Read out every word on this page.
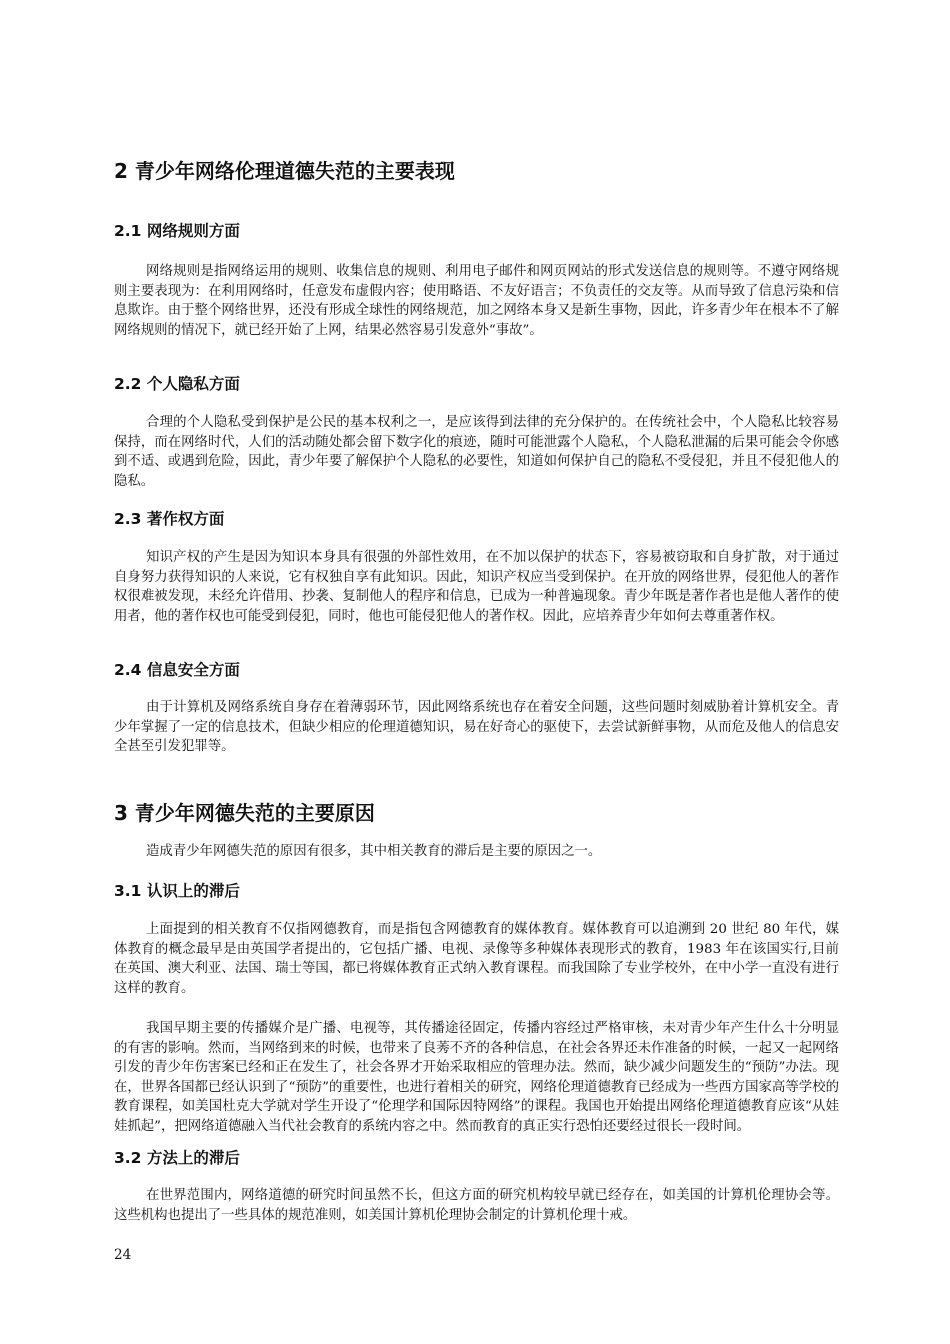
2 青少年网络伦理道德失范的主要表现
2.1 网络规则方面

网络规则是指网络运用的规则、收集信息的规则、利用电子邮件和网页网站的形式发送信息的规则等。不遵守网络规则主要表现为：在利用网络时，任意发布虚假内容；使用略语、不友好语言；不负责任的交友等。从而导致了信息污染和信息欺诈。由于整个网络世界，还没有形成全球性的网络规范，加之网络本身又是新生事物，因此，许多青少年在根本不了解网络规则的情况下，就已经开始了上网，结果必然容易引发意外“事故”。

2.2 个人隐私方面

合理的个人隐私受到保护是公民的基本权利之一，是应该得到法律的充分保护的。在传统社会中，个人隐私比较容易保持，而在网络时代，人们的活动随处都会留下数字化的痕迹，随时可能泄露个人隐私，个人隐私泄漏的后果可能会令你感到不适、或遇到危险，因此，青少年要了解保护个人隐私的必要性，知道如何保护自己的隐私不受侵犯，并且不侵犯他人的隐私。

2.3 著作权方面

知识产权的产生是因为知识本身具有很强的外部性效用，在不加以保护的状态下，容易被窃取和自身扩散，对于通过自身努力获得知识的人来说，它有权独自享有此知识。因此，知识产权应当受到保护。在开放的网络世界，侵犯他人的著作权很难被发现，未经允许借用、抄袭、复制他人的程序和信息，已成为一种普遍现象。青少年既是著作者也是他人著作的使用者，他的著作权也可能受到侵犯，同时，他也可能侵犯他人的著作权。因此，应培养青少年如何去尊重著作权。

2.4 信息安全方面

由于计算机及网络系统自身存在着薄弱环节，因此网络系统也存在着安全问题，这些问题时刻威胁着计算机安全。青少年掌握了一定的信息技术，但缺少相应的伦理道德知识，易在好奇心的驱使下，去尝试新鲜事物，从而危及他人的信息安全甚至引发犯罪等。

3 青少年网德失范的主要原因

造成青少年网德失范的原因有很多，其中相关教育的滞后是主要的原因之一。

3.1 认识上的滞后

上面提到的相关教育不仅指网德教育，而是指包含网德教育的媒体教育。媒体教育可以追溯到 20 世纪 80 年代，媒体教育的概念最早是由英国学者提出的，它包括广播、电视、录像等多种媒体表现形式的教育，1983 年在该国实行,目前在英国、澳大利亚、法国、瑞士等国，都已将媒体教育正式纳入教育课程。而我国除了专业学校外，在中小学一直没有进行这样的教育。

我国早期主要的传播媒介是广播、电视等，其传播途径固定，传播内容经过严格审核，未对青少年产生什么十分明显的有害的影响。然而，当网络到来的时候，也带来了良莠不齐的各种信息，在社会各界还未作准备的时候，一起又一起网络引发的青少年伤害案已经和正在发生了，社会各界才开始采取相应的管理办法。然而，缺少减少问题发生的“预防”办法。现在，世界各国都已经认识到了“预防”的重要性，也进行着相关的研究，网络伦理道德教育已经成为一些西方国家高等学校的教育课程，如美国杜克大学就对学生开设了“伦理学和国际因特网络”的课程。我国也开始提出网络伦理道德教育应该“从娃娃抓起”，把网络道德融入当代社会教育的系统内容之中。然而教育的真正实行恐怕还要经过很长一段时间。

3.2 方法上的滞后

在世界范围内，网络道德的研究时间虽然不长，但这方面的研究机构较早就已经存在，如美国的计算机伦理协会等。这些机构也提出了一些具体的规范准则，如美国计算机伦理协会制定的计算机伦理十戒。

24
